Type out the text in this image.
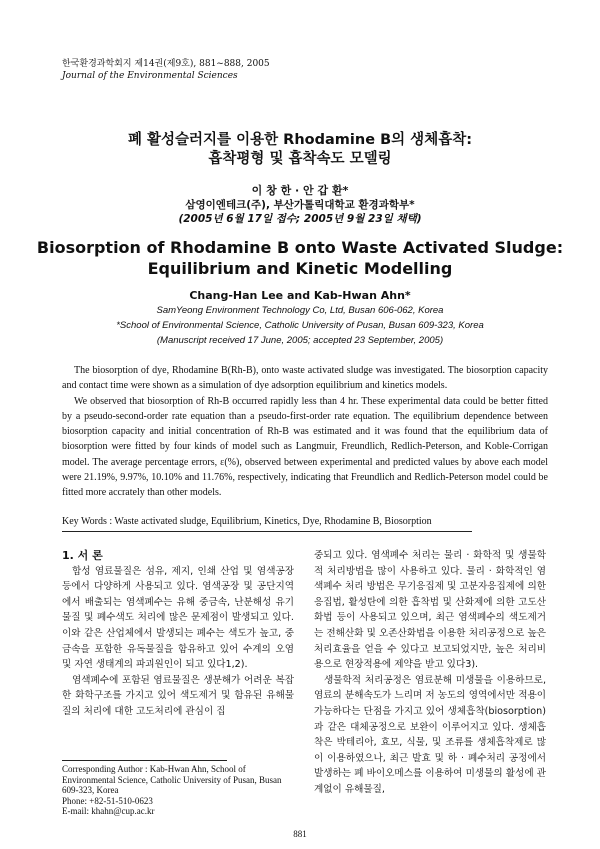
한국환경과학회지 제14권(제9호), 881~888, 2005
Journal of the Environmental Sciences
폐 활성슬러지를 이용한 Rhodamine B의 생체흡착:
흡착평형 및 흡착속도 모델링
이 창 한 · 안 갑 환*
삼영이엔테크(주), 부산가톨릭대학교 환경과학부*
(2005년 6월 17일 접수; 2005년 9월 23일 채택)
Biosorption of Rhodamine B onto Waste Activated Sludge:
Equilibrium and Kinetic Modelling
Chang-Han Lee and Kab-Hwan Ahn*
SamYeong Environment Technology Co, Ltd, Busan 606-062, Korea
*School of Environmental Science, Catholic University of Pusan, Busan 609-323, Korea
(Manuscript received 17 June, 2005; accepted 23 September, 2005)

The biosorption of dye, Rhodamine B(Rh-B), onto waste activated sludge was investigated. The biosorption capacity and contact time were shown as a simulation of dye adsorption equilibrium and kinetics models.

We observed that biosorption of Rh-B occurred rapidly less than 4 hr. These experimental data could be better fitted by a pseudo-second-order rate equation than a pseudo-first-order rate equation. The equilibrium dependence between biosorption capacity and initial concentration of Rh-B was estimated and it was found that the equilibrium data of biosorption were fitted by four kinds of model such as Langmuir, Freundlich, Redlich-Peterson, and Koble-Corrigan model. The average percentage errors, ε(%), observed between experimental and predicted values by above each model were 21.19%, 9.97%, 10.10% and 11.76%, respectively, indicating that Freundlich and Redlich-Peterson model could be fitted more accrately than other models.

Key Words : Waste activated sludge, Equilibrium, Kinetics, Dye, Rhodamine B, Biosorption

1. 서 론

합성 염료물질은 섬유, 제지, 인쇄 산업 및 염색공장 등에서 다양하게 사용되고 있다. 염색공장 및 공단지역에서 배출되는 염색폐수는 유해 중금속, 난분해성 유기물질 및 폐수색도 처리에 많은 문제점이 발생되고 있다. 이와 같은 산업체에서 발생되는 폐수는 색도가 높고, 중금속을 포함한 유독물질을 함유하고 있어 수계의 오염 및 자연 생태계의 파괴원인이 되고 있다1,2).

염색폐수에 포함된 염료물질은 생분해가 어려운 복잡한 화학구조를 가지고 있어 색도제거 및 함유된 유해물질의 처리에 대한 고도처리에 관심이 집

중되고 있다. 염색폐수 처리는 물리 · 화학적 및 생물학적 처리방법을 많이 사용하고 있다. 물리 · 화학적인 염색폐수 처리 방법은 무기응집제 및 고분자응집제에 의한 응집법, 활성탄에 의한 흡착법 및 산화제에 의한 고도산화법 등이 사용되고 있으며, 최근 염색폐수의 색도제거는 전해산화 및 오존산화법을 이용한 처리공정으로 높은 처리효율을 얻을 수 있다고 보고되었지만, 높은 처리비용으로 현장적용에 제약을 받고 있다3).

생물학적 처리공정은 염료분해 미생물을 이용하므로, 염료의 분해속도가 느리며 저 농도의 영역에서만 적용이 가능하다는 단점을 가지고 있어 생체흡착(biosorption)과 같은 대체공정으로 보완이 이루어지고 있다. 생체흡착은 박테리아, 효모, 식물, 및 조류를 생체흡착제로 많이 이용하였으나, 최근 발효 및 하 · 폐수처리 공정에서 발생하는 폐 바이오메스를 이용하여 미생물의 활성에 관계없이 유해물질,

Corresponding Author : Kab-Hwan Ahn, School of Environmental Science, Catholic University of Pusan, Busan 609-323, Korea
Phone: +82-51-510-0623
E-mail: khahn@cup.ac.kr
881
